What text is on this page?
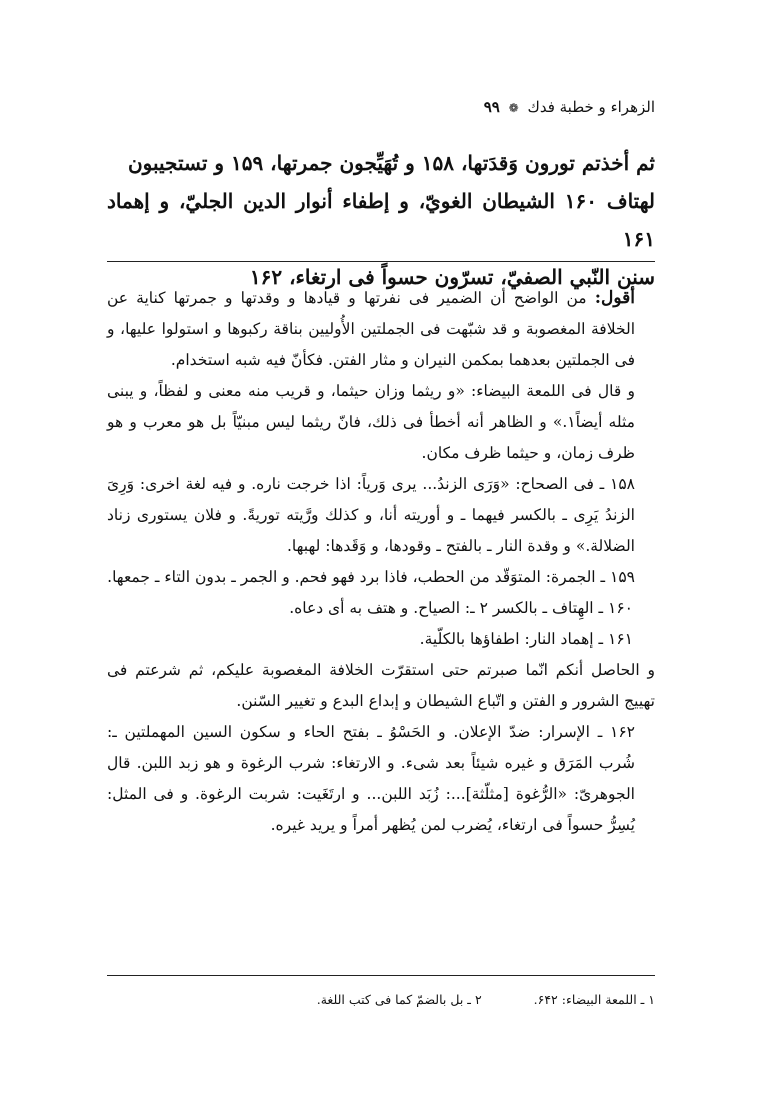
الزهراء و خطبة فدك ❁ ۹۹

ثم أخذتم تورون وَقدَتها، ۱۵۸ و تُهَيِّجون جمرتها، ۱۵۹ و تستجيبون

لهتاف ۱۶۰ الشيطان الغويّ، و إطفاء أنوار الدين الجليّ، و إهماد ۱۶۱

سنن النّبي الصفيّ، تسرّون حسواً فی ارتغاء، ۱۶۲

أقول: من الواضح أن الضمير فی نفرتها و قيادها و وقدتها و جمرتها كناية عن الخلافة المغصوبة و قد شبّهت فی الجملتين الأُوليين بناقة ركبوها و استولوا عليها، و فی الجملتين بعدهما بمكمن النيران و مثار الفتن. فكأنّ فيه شبه استخدام.

و قال فی اللمعة البيضاء: «و ريثما وزان حيثما، و قريب منه معنی و لفظاً، و يبنی مثله أيضاً۱.» و الظاهر أنه أخطأ فی ذلك، فانّ ريثما ليس مبنيّاً بل هو معرب و هو ظرف زمان، و حيثما ظرف مكان.

۱۵۸ ـ فی الصحاح: «وَرَی الزندُ... يری وَرياً: اذا خرجت ناره. و فيه لغة اخری: وَرِیَ الزندُ يَرِی ـ بالكسر فيهما ـ و أوريته أنا، و كذلك ورَّيته توريةً. و فلان يستوری زناد الضلالة.» و وقدة النار ـ بالفتح ـ وقودها، و وَقَدها: لهبها.

۱۵۹ ـ الجمرة: المتوَقّد من الحطب، فاذا برد فهو فحم. و الجمر ـ بدون التاء ـ جمعها.

۱۶۰ ـ الهِتاف ـ بالكسر ۲ ـ: الصياح. و هتف به أی دعاه.

۱۶۱ ـ إهماد النار: اطفاؤها بالكلّية.

و الحاصل أنكم انّما صبرتم حتی استقرّت الخلافة المغصوبة عليكم، ثم شرعتم فی تهييج الشرور و الفتن و اتّباع الشيطان و إبداع البدع و تغيير السّنن.

۱۶۲ ـ الإسرار: ضدّ الإعلان. و الحَسْوُ ـ بفتح الحاء و سكون السين المهملتين ـ: شُرب المَرَق و غيره شيئاً بعد شیء. و الارتغاء: شرب الرغوة و هو زبد اللبن. قال الجوهریّ: «الرُّغوة [مثلّثة]...: زُبَد اللبن... و ارتَغَيت: شربت الرغوة. و فی المثل: يُسِرُّ حسواً فی ارتغاء، يُضرب لمن يُظهر أمراً و يريد غيره.

۱ ـ اللمعة البيضاء: ۶۴۲. ۲ ـ بل بالضمّ كما فی كتب اللغة.
